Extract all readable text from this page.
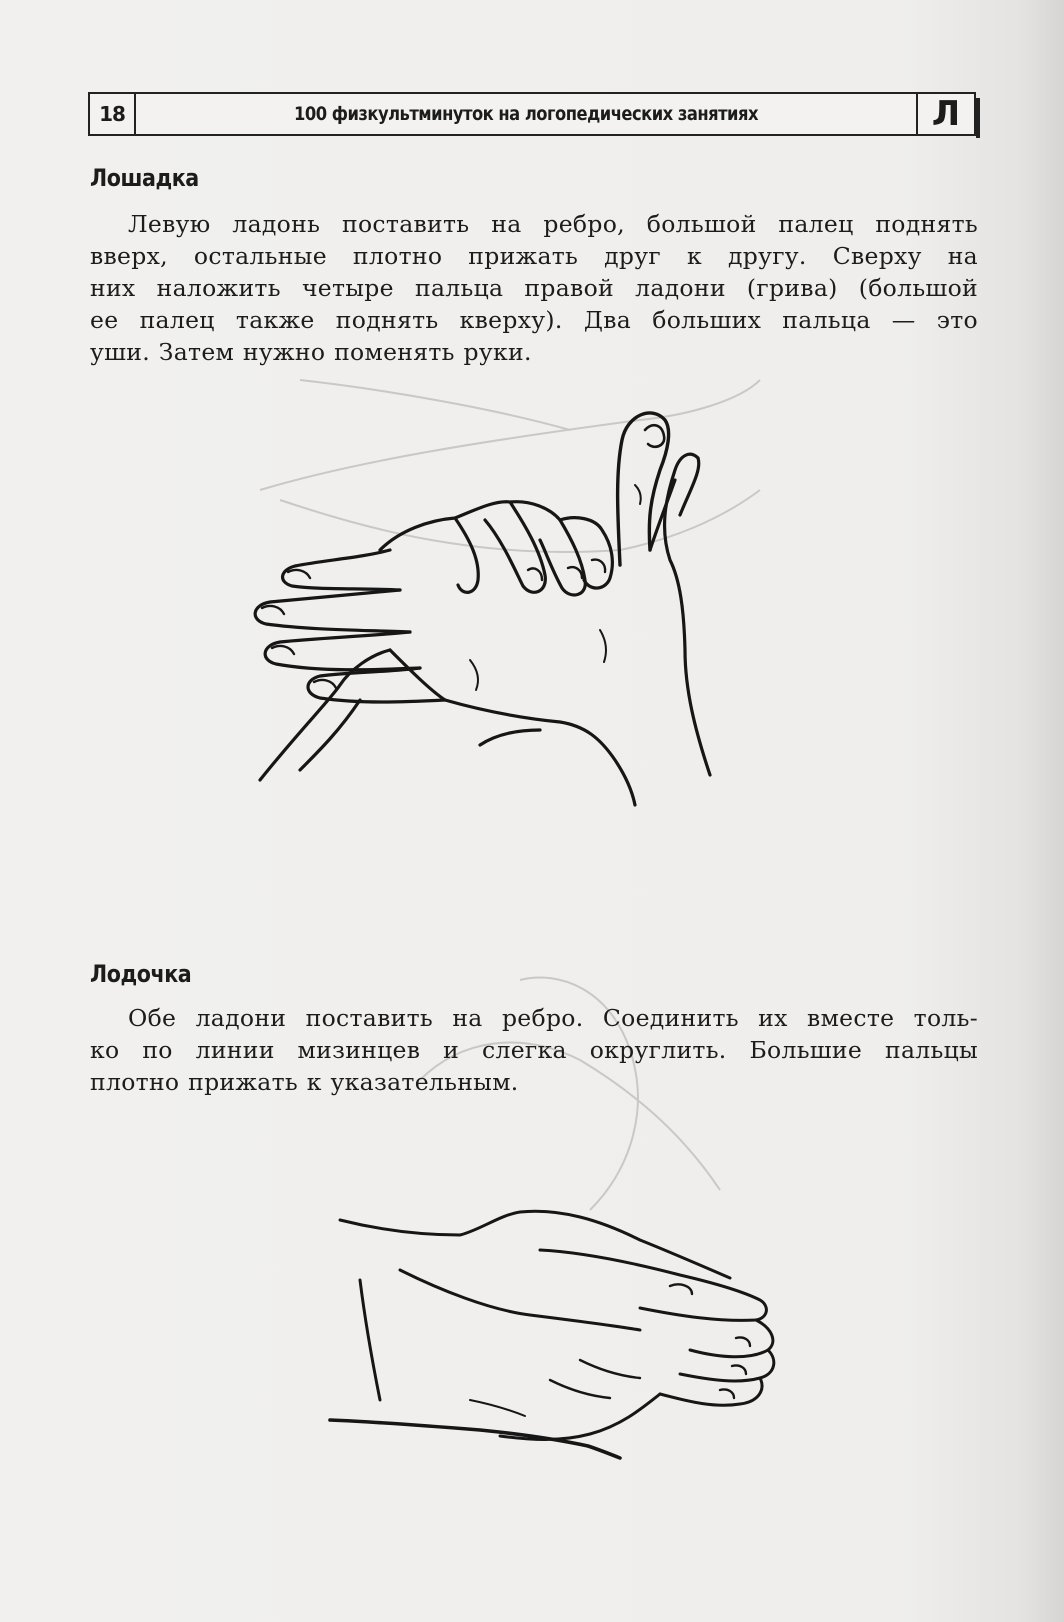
18	100 физкультминуток на логопедических занятиях	Л
Лошадка

Левую ладонь поставить на ребро, большой палец поднять
вверх, остальные плотно прижать друг к другу. Сверху на
них наложить четыре пальца правой ладони (грива) (большой
ее палец также поднять кверху). Два больших пальца — это
уши. Затем нужно поменять руки.

Лодочка

Обе ладони поставить на ребро. Соединить их вместе толь-
ко по линии мизинцев и слегка округлить. Большие пальцы
плотно прижать к указательным.
